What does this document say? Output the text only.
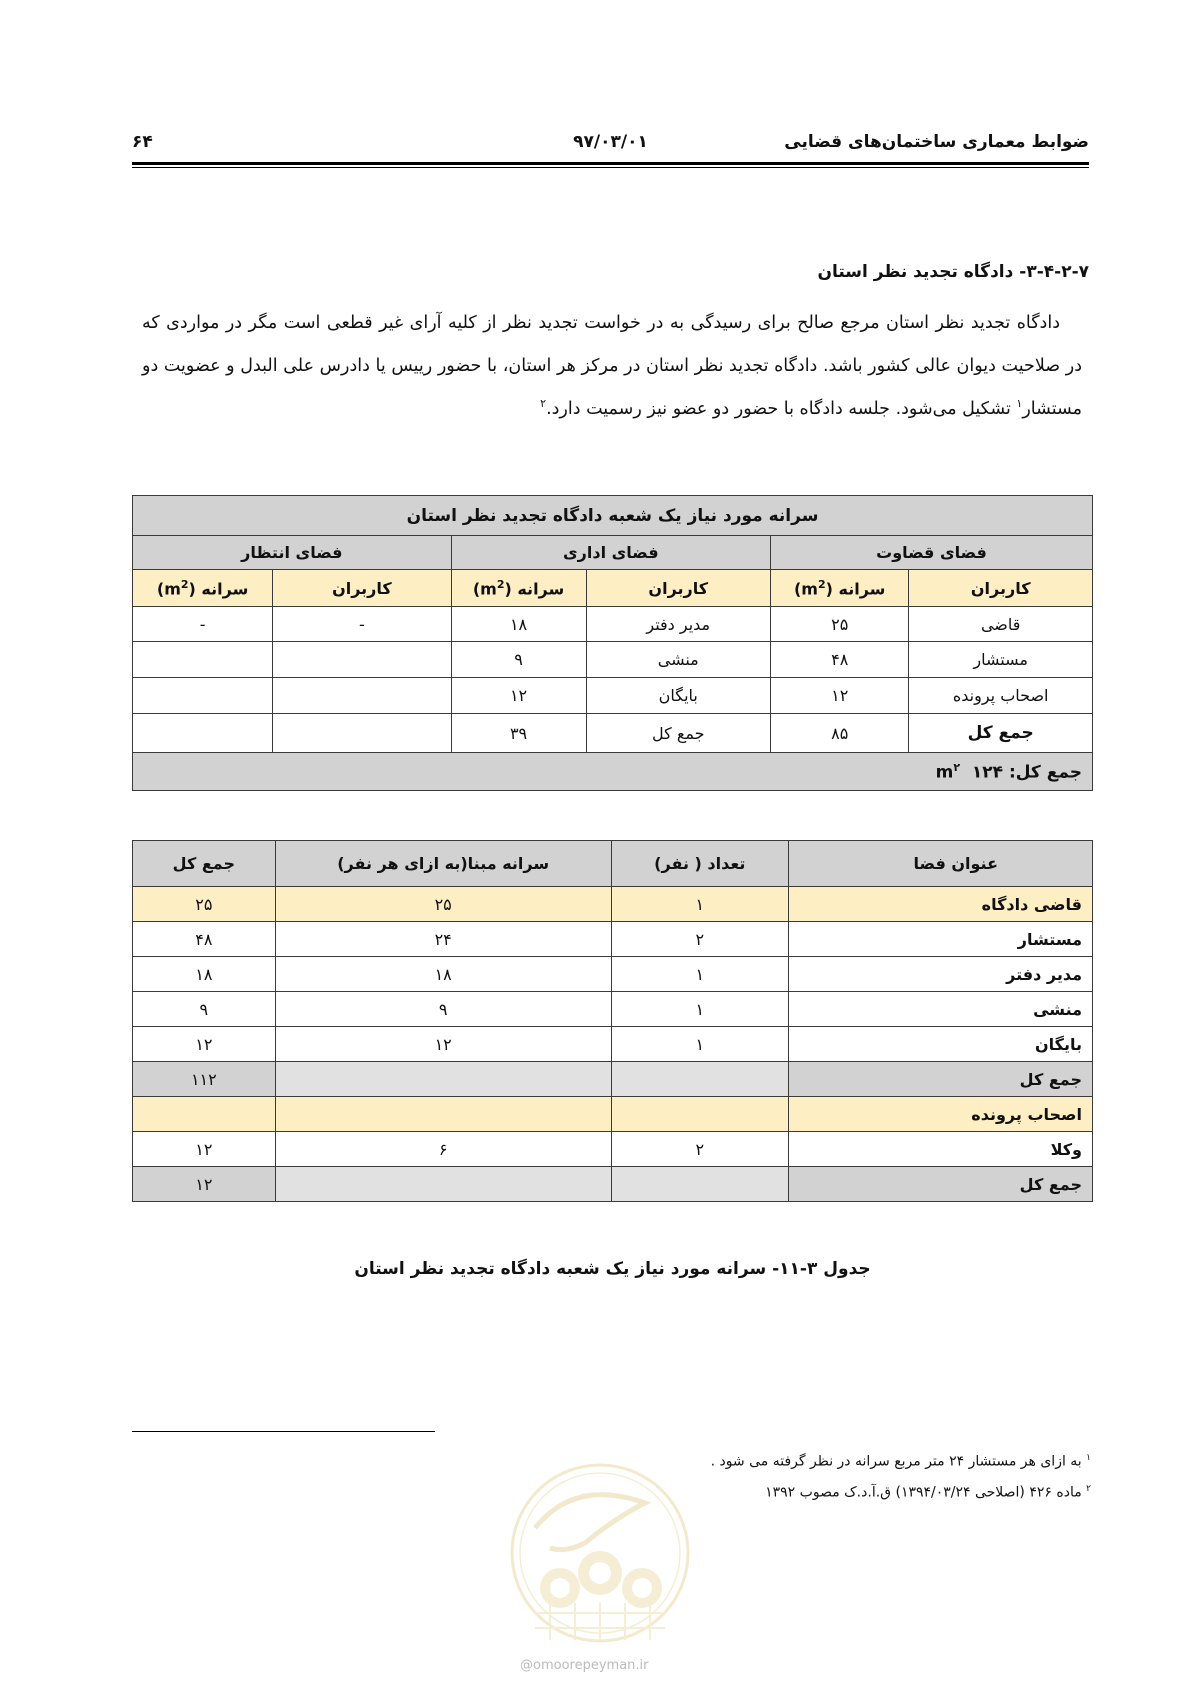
ضوابط معماری ساختمان‌های قضایی
۹۷/۰۳/۰۱
۶۴
۳-۴-۲-۷- دادگاه تجدید نظر استان
دادگاه تجدید نظر استان مرجع صالح برای رسیدگی به در خواست تجدید نظر از کلیه آرای غیر قطعی است مگر در مواردی که در صلاحیت دیوان عالی کشور باشد. دادگاه تجدید نظر استان در مرکز هر استان، با حضور رییس یا دادرس علی البدل و عضویت دو مستشار$^۱$ تشکیل می‌شود. جلسه دادگاه با حضور دو عضو نیز رسمیت دارد.$^۲$
سرانه مورد نیاز یک شعبه دادگاه تجدید نظر استان					
فضای قضاوت		فضای اداری		فضای انتظار	
کاربران	سرانه $(m^2)$	کاربران	سرانه $(m^2)$	کاربران	سرانه $(m^2)$
قاضی	۲۵	مدیر دفتر	۱۸	-	-
مستشار	۴۸	منشی	۹		
اصحاب پرونده	۱۲	بایگان	۱۲		
جمع کل	۸۵	جمع کل	۳۹		
جمع کل: ۱۲۴  $m^۲$
عنوان فضا	تعداد ( نفر)	سرانه مبنا(به ازای هر نفر)	جمع کل
قاضی دادگاه	۱	۲۵	۲۵
مستشار	۲	۲۴	۴۸
مدیر دفتر	۱	۱۸	۱۸
منشی	۱	۹	۹
بایگان	۱	۱۲	۱۲
جمع کل			۱۱۲
اصحاب پرونده			
وکلا	۲	۶	۱۲
جمع کل			۱۲
جدول ۳-۱۱- سرانه مورد نیاز یک شعبه دادگاه تجدید نظر استان
$^۱$ به ازای هر مستشار ۲۴ متر مربع سرانه در نظر گرفته می شود .
$^۲$ ماده ۴۲۶ (اصلاحی ۱۳۹۴/۰۳/۲۴) ق.آ.د.ک مصوب ۱۳۹۲
@omoorepeyman.ir
